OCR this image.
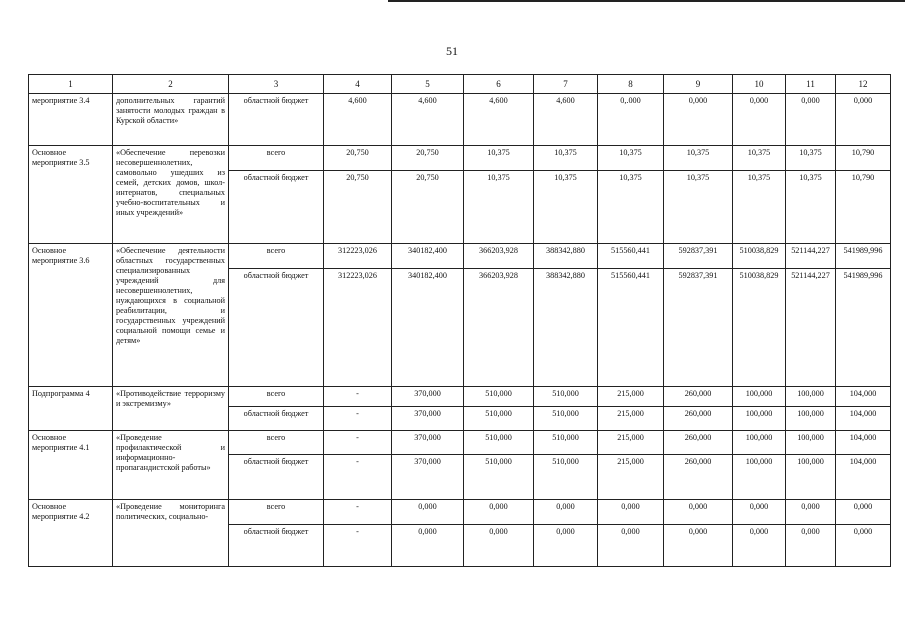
51
1	2	3	4	5	6	7	8	9	10	11	12
мероприятие 3.4	дополнительных гарантий занятости молодых граждан в Курской области»	областной бюджет	4,600	4,600	4,600	4,600	0,.000	0,000	0,000	0,000	0,000
Основное мероприятие 3.5	«Обеспечение перевозки несовершеннолетних, самовольно ушедших из семей, детских домов, школ-интернатов, специальных учебно-воспитательных и иных учреждений»	всего	20,750	20,750	10,375	10,375	10,375	10,375	10,375	10,375	10,790
		областной бюджет	20,750	20,750	10,375	10,375	10,375	10,375	10,375	10,375	10,790
Основное мероприятие 3.6	«Обеспечение деятельности областных государственных специализированных учреждений для несовершеннолетних, нуждающихся в социальной реабилитации, и государственных учреждений социальной помощи семье и детям»	всего	312223,026	340182,400	366203,928	388342,880	515560,441	592837,391	510038,829	521144,227	541989,996
		областной бюджет	312223,026	340182,400	366203,928	388342,880	515560,441	592837,391	510038,829	521144,227	541989,996
Подпрограмма 4	«Противодействие терроризму и экстремизму»	всего	-	370,000	510,000	510,000	215,000	260,000	100,000	100,000	104,000
		областной бюджет	-	370,000	510,000	510,000	215,000	260,000	100,000	100,000	104,000
Основное мероприятие 4.1	«Проведение профилактической и информационно-пропагандистской работы»	всего	-	370,000	510,000	510,000	215,000	260,000	100,000	100,000	104,000
		областной бюджет	-	370,000	510,000	510,000	215,000	260,000	100,000	100,000	104,000
Основное мероприятие 4.2	«Проведение мониторинга политических, социально-	всего	-	0,000	0,000	0,000	0,000	0,000	0,000	0,000	0,000
		областной бюджет	-	0,000	0,000	0,000	0,000	0,000	0,000	0,000	0,000
